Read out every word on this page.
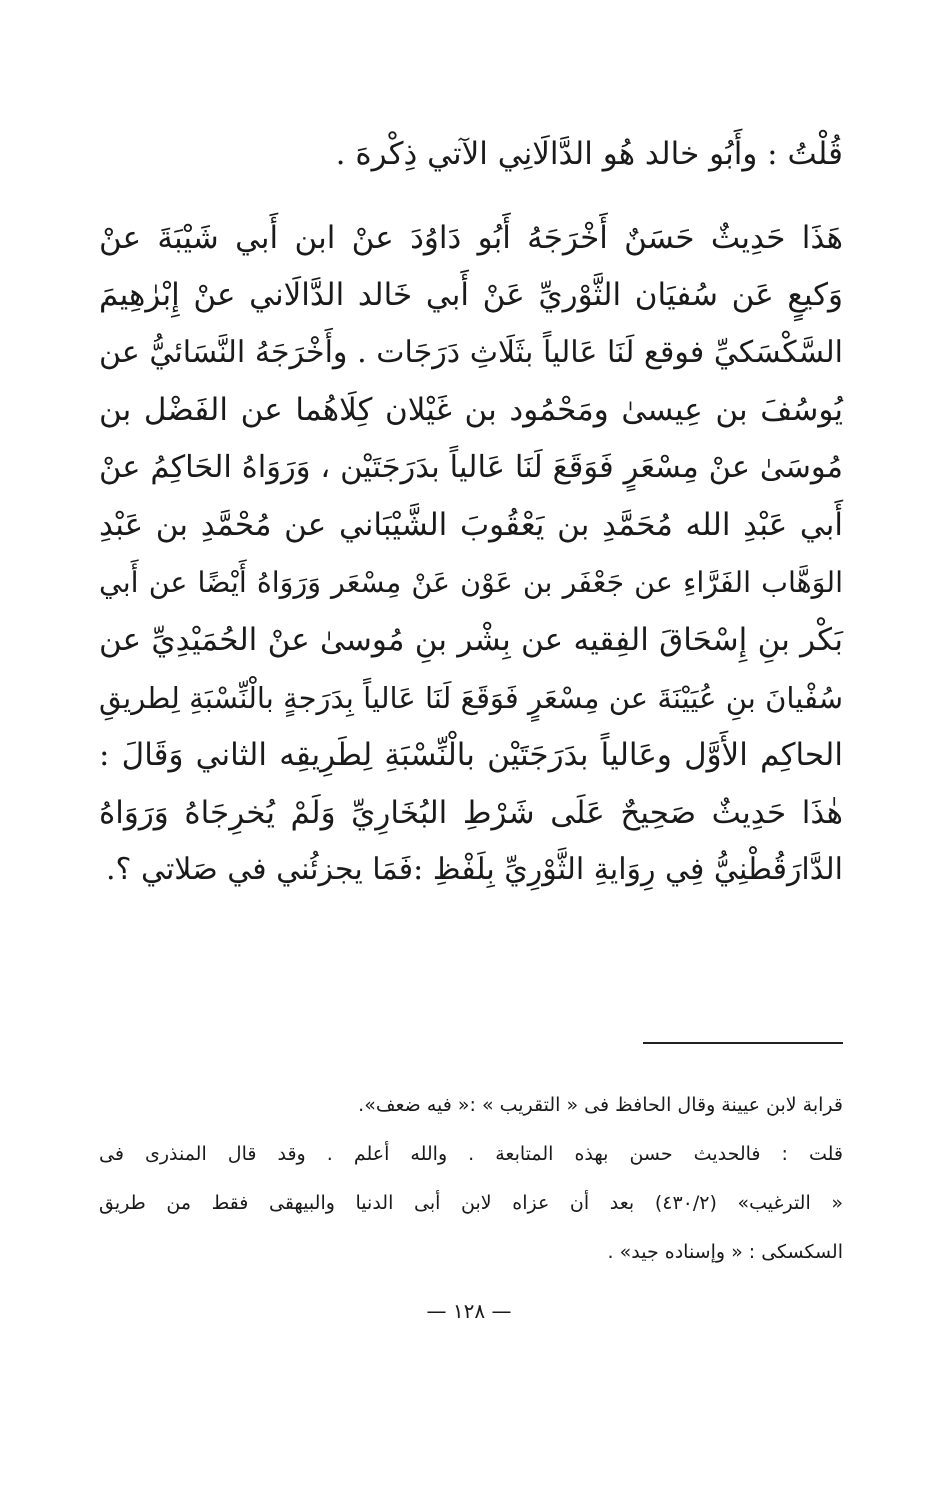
قُلْتُ : وأَبُو خالد هُو الدَّالَانِي الآتي ذِكْرهَ .
هَذَا حَدِيثٌ حَسَنٌ أَخْرَجَهُ أَبُو دَاوُدَ عنْ ابن أَبي شَيْبَةَ عنْ
وَكيعٍ عَن سُفيَان الثَّوْريِّ عَنْ أَبي خَالد الدَّالَاني عنْ إِبْرٰهِيمَ
السَّكْسَكيِّ فوقع لَنَا عَالياً بثَلَاثِ دَرَجَات . وأَخْرَجَهُ النَّسَائيُّ عن
يُوسُفَ بن عِيسىٰ ومَحْمُود بن غَيْلان كِلَاهُما عن الفَضْل بن
مُوسَىٰ عنْ مِسْعَرٍ فَوَقَعَ لَنَا عَالياً بدَرَجَتَيْن ، وَرَوَاهُ الحَاكِمُ عنْ
أَبي عَبْدِ الله مُحَمَّدِ بن يَعْقُوبَ الشَّيْبَاني عن مُحْمَّدِ بن عَبْدِ
الوَهَّاب الفَرَّاءِ عن جَعْفَر بن عَوْن عَنْ مِسْعَر وَرَوَاهُ أَيْضًا عن أَبي
بَكْر بنِ إِسْحَاقَ الفِقيه عن بِشْر بنِ مُوسىٰ عنْ الحُمَيْدِيِّ عن
سُفْيانَ بنِ عُيَيْنَةَ عن مِسْعَرٍ فَوَقَعَ لَنَا عَالياً بِدَرَجةٍ بالْنِّسْبَةِ لِطريقِ
الحاكِم الأَوَّل وعَالياً بدَرَجَتَيْن بالْنِّسْبَةِ لِطَرِيقِه الثاني وَقَالَ :
هٰذَا حَدِيثٌ صَحِيحٌ عَلَى شَرْطِ البُخَارِيِّ وَلَمْ يُخرِجَاهُ وَرَوَاهُ
الدَّارَقُطْنِيُّ فِي رِوَايةِ الثَّوْرِيِّ بِلَفْظِ :فَمَا يجزئُني في صَلاتي ؟.
قرابة لابن عيينة وقال الحافظ فى « التقريب » :« فيه ضعف».
قلت : فالحديث حسن بهذه المتابعة . والله أعلم . وقد قال المنذرى فى
« الترغيب» (٤٣٠/٢) بعد أن عزاه لابن أبى الدنيا والبيهقى فقط من طريق
السكسكى : « وإسناده جيد» .
— ١٢٨ —
